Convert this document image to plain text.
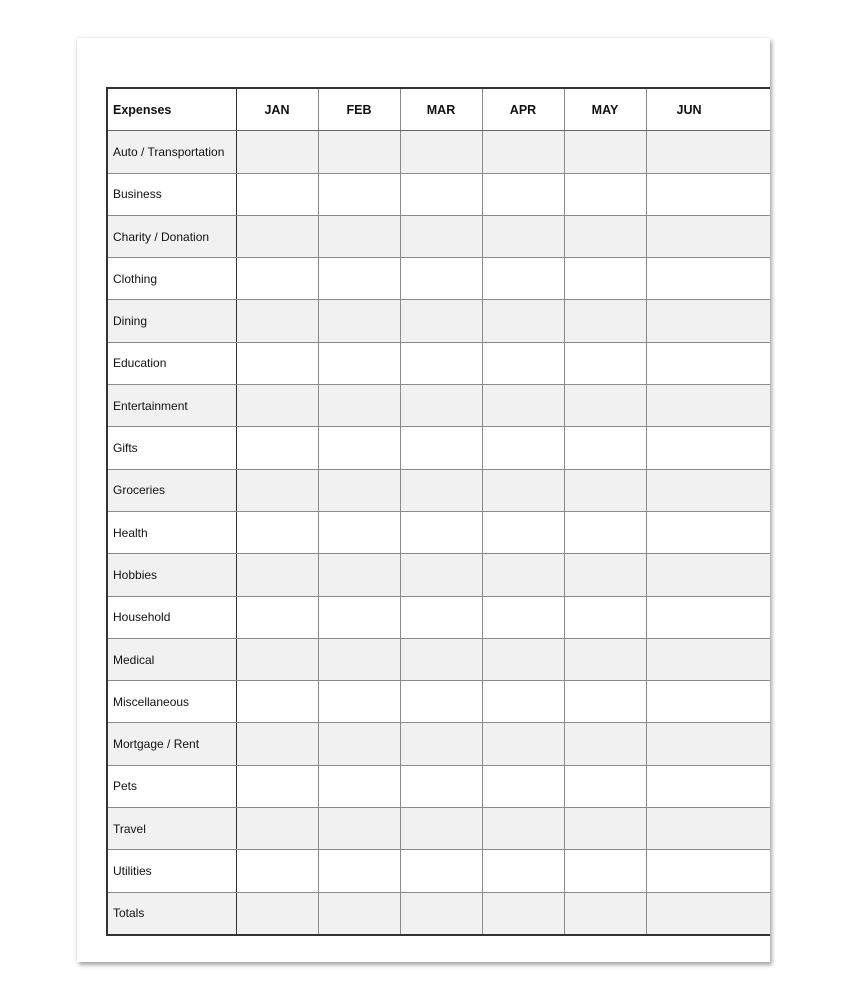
Expenses	JAN	FEB	MAR	APR	MAY	JUN
Auto / Transportation						
Business						
Charity / Donation						
Clothing						
Dining						
Education						
Entertainment						
Gifts						
Groceries						
Health						
Hobbies						
Household						
Medical						
Miscellaneous						
Mortgage / Rent						
Pets						
Travel						
Utilities						
Totals						
